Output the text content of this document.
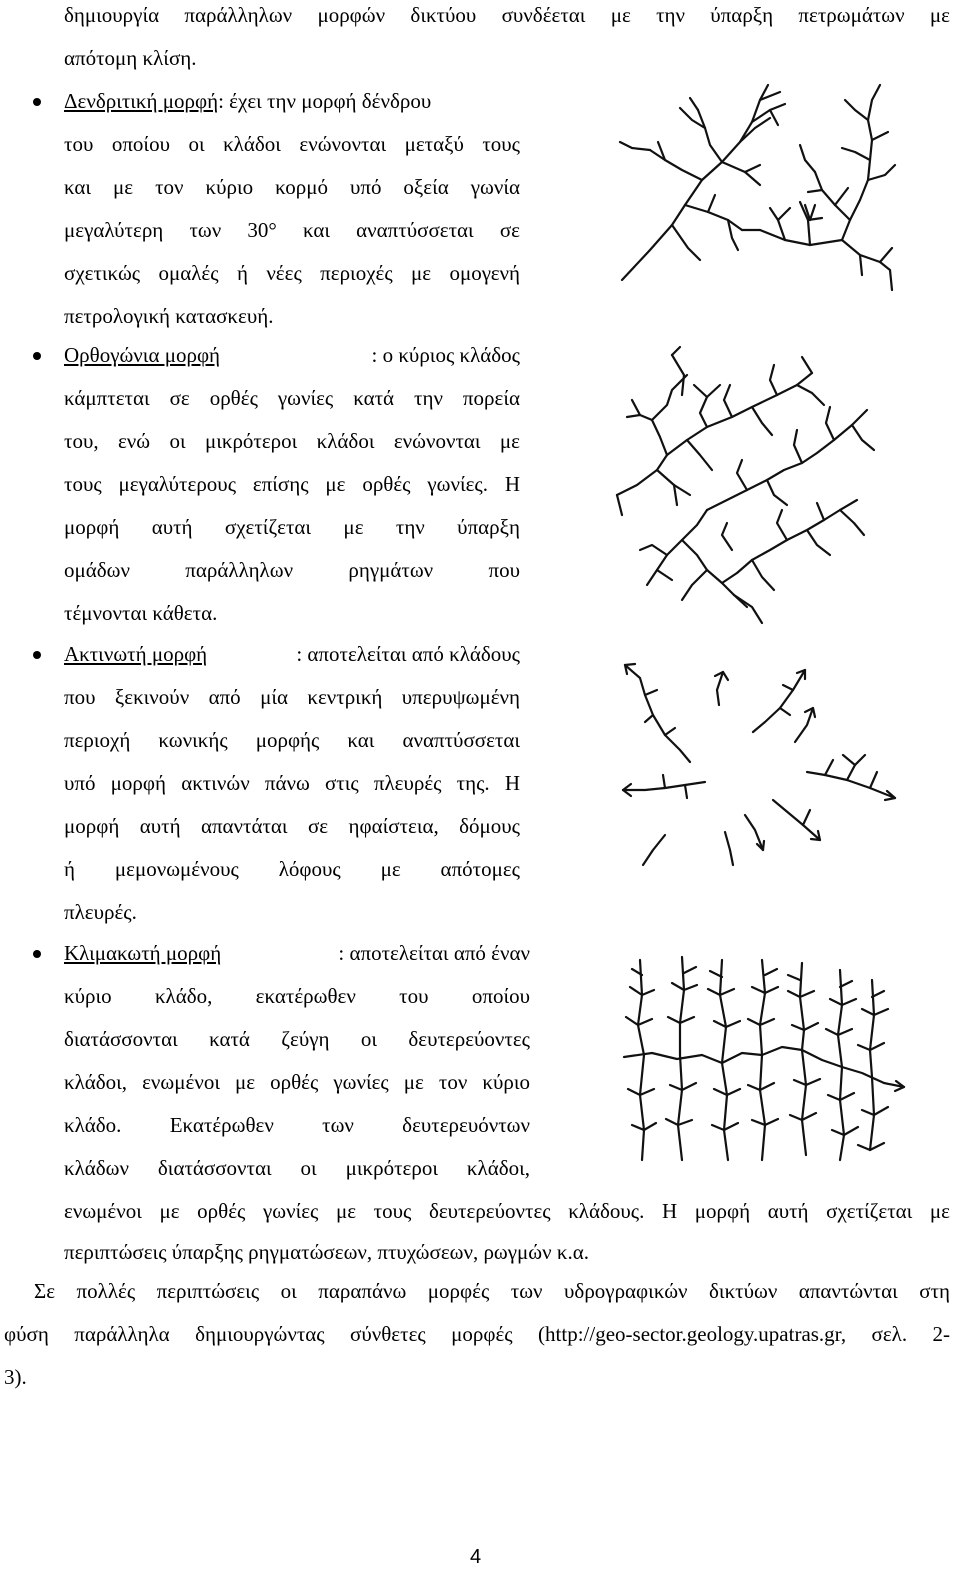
δημιουργία παράλληλων μορφών δικτύου συνδέεται με την ύπαρξη πετρωμάτων με
απότομη κλίση.
Δενδριτική μορφή: έχει την μορφή δένδρου
του οποίου οι κλάδοι ενώνονται μεταξύ τους
και με τον κύριο κορμό υπό οξεία γωνία
μεγαλύτερη των 30° και αναπτύσσεται σε
σχετικώς ομαλές ή νέες περιοχές με ομογενή
πετρολογική κατασκευή.
Ορθογώνια μορφή	: ο κύριος κλάδος
κάμπτεται σε ορθές γωνίες κατά την πορεία
του, ενώ οι μικρότεροι κλάδοι ενώνονται με
τους μεγαλύτερους επίσης με ορθές γωνίες. Η
μορφή αυτή σχετίζεται με την ύπαρξη
ομάδων παράλληλων ρηγμάτων που
τέμνονται κάθετα.
Ακτινωτή μορφή	: αποτελείται από κλάδους
που ξεκινούν από μία κεντρική υπερυψωμένη
περιοχή κωνικής μορφής και αναπτύσσεται
υπό μορφή ακτινών πάνω στις πλευρές της. Η
μορφή αυτή απαντάται σε ηφαίστεια, δόμους
ή μεμονωμένους λόφους με απότομες
πλευρές.
Κλιμακωτή μορφή	: αποτελείται από έναν
κύριο κλάδο, εκατέρωθεν του οποίου
διατάσσονται κατά ζεύγη οι δευτερεύοντες
κλάδοι, ενωμένοι με ορθές γωνίες με τον κύριο
κλάδο. Εκατέρωθεν των δευτερευόντων
κλάδων διατάσσονται οι μικρότεροι κλάδοι,
ενωμένοι με ορθές γωνίες με τους δευτερεύοντες κλάδους. Η μορφή αυτή σχετίζεται με
περιπτώσεις ύπαρξης ρηγματώσεων, πτυχώσεων, ρωγμών κ.α.
Σε πολλές περιπτώσεις οι παραπάνω μορφές των υδρογραφικών δικτύων απαντώνται στη
φύση παράλληλα δημιουργώντας σύνθετες μορφές (http://geo-sector.geology.upatras.gr, σελ. 2-
3).
4
